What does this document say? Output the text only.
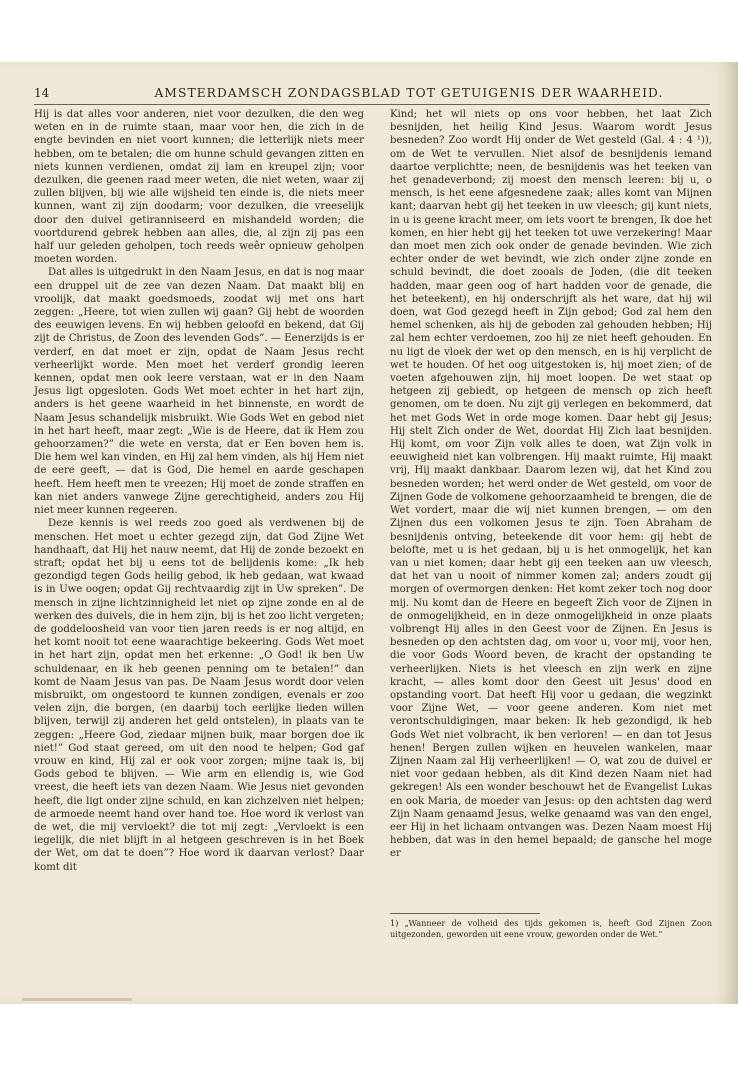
14	AMSTERDAMSCH ZONDAGSBLAD TOT GETUIGENIS DER WAARHEID.

Hij is dat alles voor anderen, niet voor dezulken, die den weg weten en in de ruimte staan, maar voor hen, die zich in de engte bevinden en niet voort kunnen; die letterlijk niets meer hebben, om te betalen; die om hunne schuld gevangen zitten en niets kunnen verdienen, omdat zij lam en kreupel zijn; voor dezulken, die geenen raad meer weten, die niet weten, waar zij zullen blijven, bij wie alle wijsheid ten einde is, die niets meer kunnen, want zij zijn doodarm; voor dezulken, die vreeselijk door den duivel getiranniseerd en mishandeld worden; die voortdurend gebrek hebben aan alles, die, al zijn zij pas een half uur geleden geholpen, toch reeds weêr opnieuw geholpen moeten worden.

Dat alles is uitgedrukt in den Naam Jesus, en dat is nog maar een druppel uit de zee van dezen Naam. Dat maakt blij en vroolijk, dat maakt goedsmoeds, zoodat wij met ons hart zeggen: „Heere, tot wien zullen wij gaan? Gij hebt de woorden des eeuwigen levens. En wij hebben geloofd en bekend, dat Gij zijt de Christus, de Zoon des levenden Gods”. — Eenerzijds is er verderf, en dat moet er zijn, opdat de Naam Jesus recht verheerlijkt worde. Men moet het verderf grondig leeren kennen, opdat men ook leere verstaan, wat er in den Naam Jesus ligt opgesloten. Gods Wet moet echter in het hart zijn, anders is het geene waarheid in het binnenste, en wordt de Naam Jesus schandelijk misbruikt. Wie Gods Wet en gebod niet in het hart heeft, maar zegt: „Wie is de Heere, dat ik Hem zou gehoorzamen?” die wete en versta, dat er Een boven hem is. Die hem wel kan vinden, en Hij zal hem vinden, als hij Hem niet de eere geeft, — dat is God, Die hemel en aarde geschapen heeft. Hem heeft men te vreezen; Hij moet de zonde straffen en kan niet anders vanwege Zijne gerechtigheid, anders zou Hij niet meer kunnen regeeren.

Deze kennis is wel reeds zoo goed als verdwenen bij de menschen. Het moet u echter gezegd zijn, dat God Zijne Wet handhaaft, dat Hij het nauw neemt, dat Hij de zonde bezoekt en straft; opdat het bij u eens tot de belijdenis kome: „Ik heb gezondigd tegen Gods heilig gebod, ik heb gedaan, wat kwaad is in Uwe oogen; opdat Gij rechtvaardig zijt in Uw spreken”. De mensch in zijne lichtzinnigheid let niet op zijne zonde en al de werken des duivels, die in hem zijn, bij is het zoo licht vergeten; de goddeloosheid van voor tien jaren reeds is er nog altijd, en het komt nooit tot eene waarachtige bekeering. Gods Wet moet in het hart zijn, opdat men het erkenne: „O God! ik ben Uw schuldenaar, en ik heb geenen penning om te betalen!” dan komt de Naam Jesus van pas. De Naam Jesus wordt door velen misbruikt, om ongestoord te kunnen zondigen, evenals er zoo velen zijn, die borgen, (en daarbij toch eerlijke lieden willen blijven, terwijl zij anderen het geld ontstelen), in plaats van te zeggen: „Heere God, ziedaar mijnen buik, maar borgen doe ik niet!” God staat gereed, om uit den nood te helpen; God gaf vrouw en kind, Hij zal er ook voor zorgen; mijne taak is, bij Gods gebod te blijven. — Wie arm en ellendig is, wie God vreest, die heeft iets van dezen Naam. Wie Jesus niet gevonden heeft, die ligt onder zijne schuld, en kan zichzelven niet helpen; de armoede neemt hand over hand toe. Hoe word ik verlost van de wet, die mij vervloekt? die tot mij zegt: „Vervloekt is een iegelijk, die niet blijft in al hetgeen geschreven is in het Boek der Wet, om dat te doen”? Hoe word ik daarvan verlost? Daar komt dit

Kind; het wil niets op ons voor hebben, het laat Zich besnijden, het heilig Kind Jesus. Waarom wordt Jesus besneden? Zoo wordt Hij onder de Wet gesteld (Gal. 4 : 4 ¹)), om de Wet te vervullen. Niet alsof de besnijdenis iemand daartoe verplichtte; neen, de besnijdenis was het teeken van het genadeverbond; zij moest den mensch leeren: bij u, o mensch, is het eene afgesnedene zaak; alles komt van Mijnen kant; daarvan hebt gij het teeken in uw vleesch; gij kunt niets, in u is geene kracht meer, om iets voort te brengen, Ik doe het komen, en hier hebt gij het teeken tot uwe verzekering! Maar dan moet men zich ook onder de genade bevinden. Wie zich echter onder de wet bevindt, wie zich onder zijne zonde en schuld bevindt, die doet zooals de Joden, (die dit teeken hadden, maar geen oog of hart hadden voor de genade, die het beteekent), en hij onderschrijft als het ware, dat hij wil doen, wat God gezegd heeft in Zijn gebod; God zal hem den hemel schenken, als hij de geboden zal gehouden hebben; Hij zal hem echter verdoemen, zoo hij ze niet heeft gehouden. En nu ligt de vloek der wet op den mensch, en is hij verplicht de wet te houden. Of het oog uitgestoken is, hij moet zien; of de voeten afgehouwen zijn, hij moet loopen. De wet staat op hetgeen zij gebiedt, op hetgeen de mensch op zich heeft genomen, om te doen. Nu zijt gij verlegen en bekommerd, dat het met Gods Wet in orde moge komen. Daar hebt gij Jesus; Hij stelt Zich onder de Wet, doordat Hij Zich laat besnijden. Hij komt, om voor Zijn volk alles te doen, wat Zijn volk in eeuwigheid niet kan volbrengen. Hij maakt ruimte, Hij maakt vrij, Hij maakt dankbaar. Daarom lezen wij, dat het Kind zou besneden worden; het werd onder de Wet gesteld, om voor de Zijnen Gode de volkomene gehoorzaamheid te brengen, die de Wet vordert, maar die wij niet kunnen brengen, — om den Zijnen dus een volkomen Jesus te zijn. Toen Abraham de besnijdenis ontving, beteekende dit voor hem: gij hebt de belofte, met u is het gedaan, bij u is het onmogelijk, het kan van u niet komen; daar hebt gij een teeken aan uw vleesch, dat het van u nooit of nimmer komen zal; anders zoudt gij morgen of overmorgen denken: Het komt zeker toch nog door mij. Nu komt dan de Heere en begeeft Zich voor de Zijnen in de onmogelijkheid, en in deze onmogelijkheid in onze plaats volbrengt Hij alles in den Geest voor de Zijnen. En Jesus is besneden op den achtsten dag, om voor u, voor mij, voor hen, die voor Gods Woord beven, de kracht der opstanding te verheerlijken. Niets is het vleesch en zijn werk en zijne kracht, — alles komt door den Geest uit Jesus' dood en opstanding voort. Dat heeft Hij voor u gedaan, die wegzinkt voor Zijne Wet, — voor geene anderen. Kom niet met verontschuldigingen, maar beken: Ik heb gezondigd, ik heb Gods Wet niet volbracht, ik ben verloren! — en dan tot Jesus henen! Bergen zullen wijken en heuvelen wankelen, maar Zijnen Naam zal Hij verheerlijken! — O, wat zou de duivel er niet voor gedaan hebben, als dit Kind dezen Naam niet had gekregen! Als een wonder beschouwt het de Evangelist Lukas en ook Maria, de moeder van Jesus: op den achtsten dag werd Zijn Naam genaamd Jesus, welke genaamd was van den engel, eer Hij in het lichaam ontvangen was. Dezen Naam moest Hij hebben, dat was in den hemel bepaald; de gansche hel moge er

1) „Wanneer de volheid des tijds gekomen is, heeft God Zijnen Zoon uitgezonden, geworden uit eene vrouw, geworden onder de Wet.”
